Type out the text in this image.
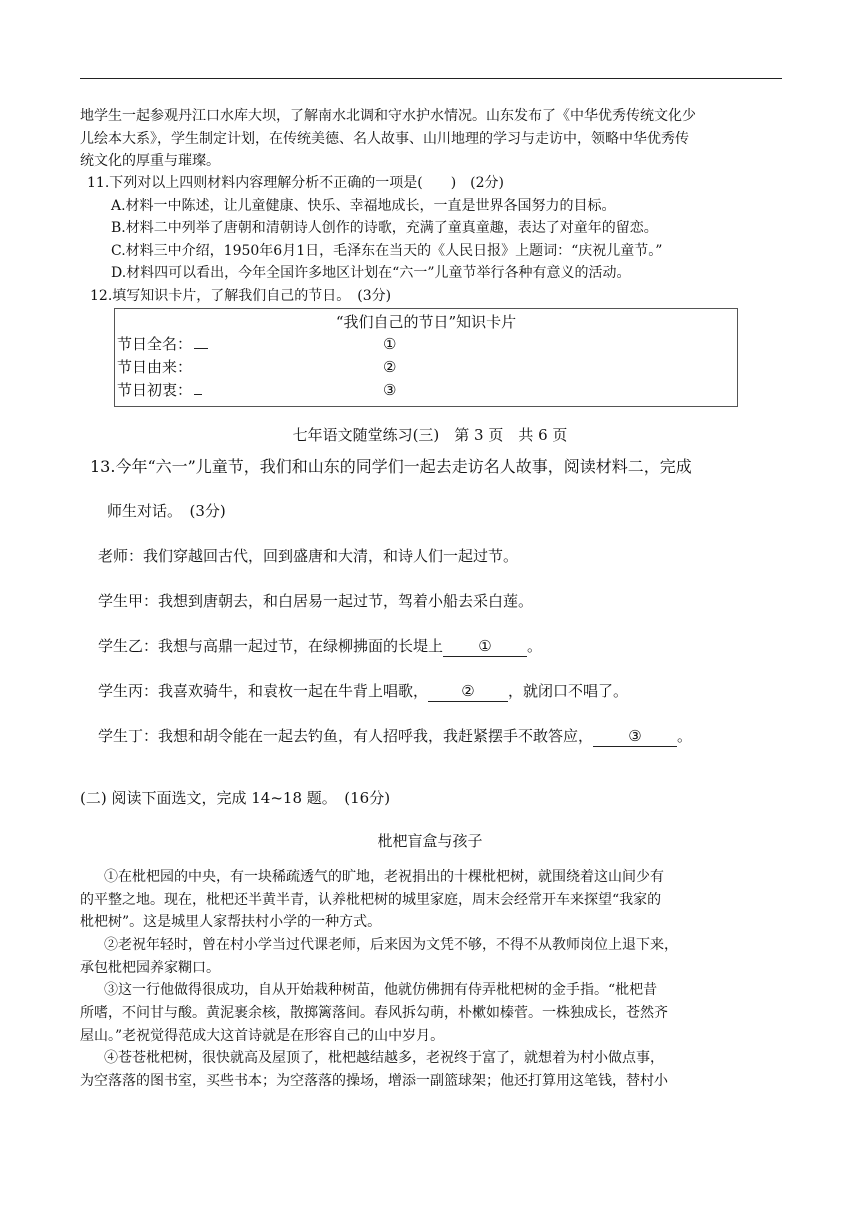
地学生一起参观丹江口水库大坝，了解南水北调和守水护水情况。山东发布了《中华优秀传统文化少
儿绘本大系》，学生制定计划，在传统美德、名人故事、山川地理的学习与走访中，领略中华优秀传
统文化的厚重与璀璨。
11.下列对以上四则材料内容理解分析不正确的一项是(　　)　(2分)
A.材料一中陈述，让儿童健康、快乐、幸福地成长，一直是世界各国努力的目标。
B.材料二中列举了唐朝和清朝诗人创作的诗歌，充满了童真童趣，表达了对童年的留恋。
C.材料三中介绍，1950年6月1日，毛泽东在当天的《人民日报》上题词：“庆祝儿童节。”
D.材料四可以看出，今年全国许多地区计划在“六一”儿童节举行各种有意义的活动。
12.填写知识卡片，了解我们自己的节日。　(3分)
“我们自己的节日”知识卡片
节日全名：	①
节日由来：	②
节日初衷：	③
七年语文随堂练习(三)　第 3 页　共 6 页
13.今年“六一”儿童节，我们和山东的同学们一起去走访名人故事，阅读材料二，完成
师生对话。　(3分)
老师：我们穿越回古代，回到盛唐和大清，和诗人们一起过节。
学生甲：我想到唐朝去，和白居易一起过节，驾着小船去采白莲。
学生乙：我想与高鼎一起过节，在绿柳拂面的长堤上 ① 。
学生丙：我喜欢骑牛，和袁枚一起在牛背上唱歌， ② ，就闭口不唱了。
学生丁：我想和胡令能在一起去钓鱼，有人招呼我，我赶紧摆手不敢答应， ③ 。
(二) 阅读下面选文，完成 14~18 题。　(16分)
枇杷盲盒与孩子
①在枇杷园的中央，有一块稀疏透气的旷地，老祝捐出的十棵枇杷树，就围绕着这山间少有
的平整之地。现在，枇杷还半黄半青，认养枇杷树的城里家庭，周末会经常开车来探望“我家的
枇杷树”。这是城里人家帮扶村小学的一种方式。
②老祝年轻时，曾在村小学当过代课老师，后来因为文凭不够，不得不从教师岗位上退下来，
承包枇杷园养家糊口。
③这一行他做得很成功，自从开始栽种树苗，他就仿佛拥有侍弄枇杷树的金手指。“枇杷昔
所嗜，不问甘与酸。黄泥裹余核，散掷篱落间。春风拆勾萌，朴樕如榛菅。一株独成长，苍然齐
屋山。”老祝觉得范成大这首诗就是在形容自己的山中岁月。
④苍苍枇杷树，很快就高及屋顶了，枇杷越结越多，老祝终于富了，就想着为村小做点事，
为空落落的图书室，买些书本；为空落落的操场，增添一副篮球架；他还打算用这笔钱，替村小
